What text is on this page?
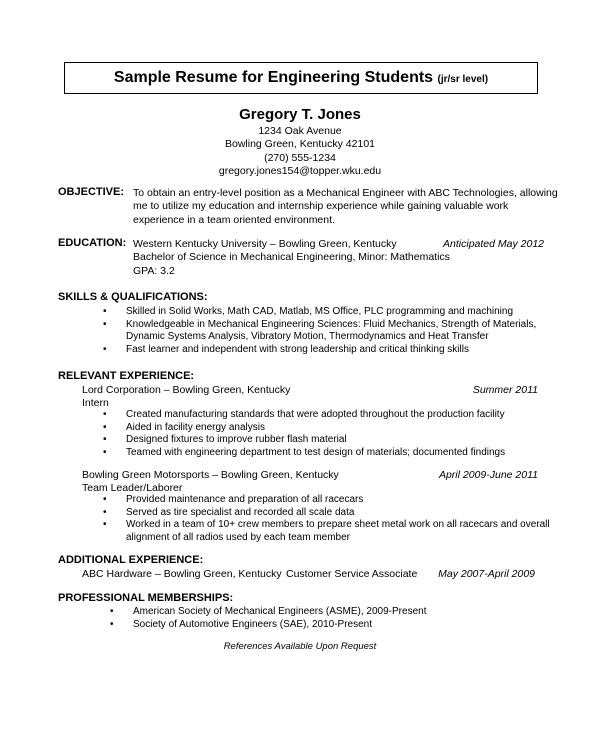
Sample Resume for Engineering Students (jr/sr level)
Gregory T. Jones
1234 Oak Avenue
Bowling Green, Kentucky 42101
(270) 555-1234
gregory.jones154@topper.wku.edu
OBJECTIVE: To obtain an entry-level position as a Mechanical Engineer with ABC Technologies, allowing
me to utilize my education and internship experience while gaining valuable work
experience in a team oriented environment.
EDUCATION: Western Kentucky University – Bowling Green, Kentucky
Bachelor of Science in Mechanical Engineering, Minor: Mathematics
GPA: 3.2
Anticipated May 2012
SKILLS & QUALIFICATIONS:
• Skilled in Solid Works, Math CAD, Matlab, MS Office, PLC programming and machining
• Knowledgeable in Mechanical Engineering Sciences: Fluid Mechanics, Strength of Materials,
Dynamic Systems Analysis, Vibratory Motion, Thermodynamics and Heat Transfer
• Fast learner and independent with strong leadership and critical thinking skills
RELEVANT EXPERIENCE:
Lord Corporation – Bowling Green, Kentucky
Intern
Summer 2011
• Created manufacturing standards that were adopted throughout the production facility
• Aided in facility energy analysis
• Designed fixtures to improve rubber flash material
• Teamed with engineering department to test design of materials; documented findings
Bowling Green Motorsports – Bowling Green, Kentucky
Team Leader/Laborer
April 2009-June 2011
• Provided maintenance and preparation of all racecars
• Served as tire specialist and recorded all scale data
• Worked in a team of 10+ crew members to prepare sheet metal work on all racecars and overall
alignment of all radios used by each team member
ADDITIONAL EXPERIENCE:
ABC Hardware – Bowling Green, Kentucky Customer Service Associate May 2007-April 2009
PROFESSIONAL MEMBERSHIPS:
• American Society of Mechanical Engineers (ASME), 2009-Present
• Society of Automotive Engineers (SAE), 2010-Present
References Available Upon Request
